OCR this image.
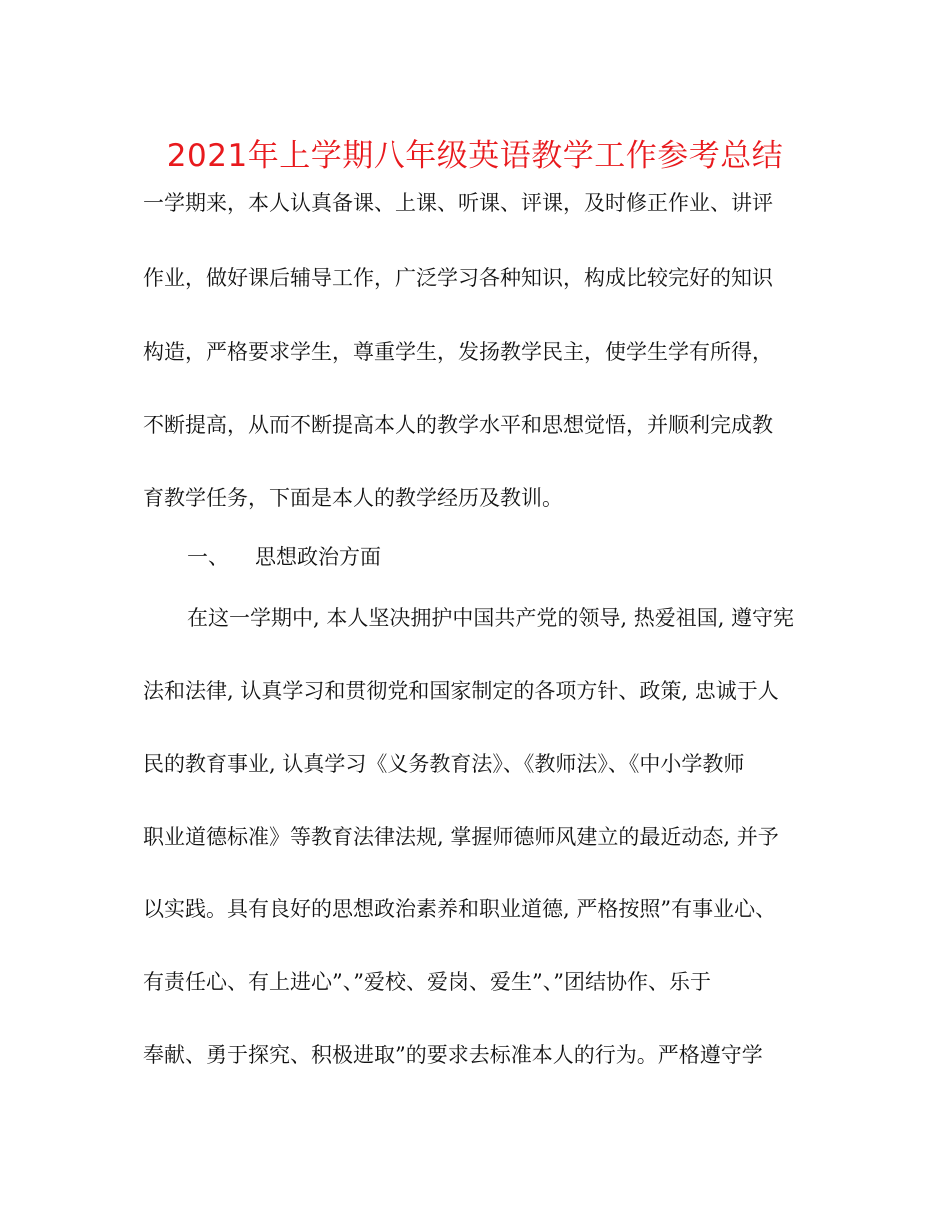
2021年上学期八年级英语教学工作参考总结
一学期来，本人认真备课、上课、听课、评课，及时修正作业、讲评
作业，做好课后辅导工作，广泛学习各种知识，构成比较完好的知识
构造，严格要求学生，尊重学生，发扬教学民主，使学生学有所得，
不断提高，从而不断提高本人的教学水平和思想觉悟，并顺利完成教
育教学任务，下面是本人的教学经历及教训。
一、 思想政治方面
在这一学期中, 本人坚决拥护中国共产党的领导, 热爱祖国, 遵守宪
法和法律, 认真学习和贯彻党和国家制定的各项方针、政策, 忠诚于人
民的教育事业, 认真学习《义务教育法》、《教师法》、《中小学教师
职业道德标准》等教育法律法规, 掌握师德师风建立的最近动态, 并予
以实践。具有良好的思想政治素养和职业道德, 严格按照”有事业心、
有责任心、有上进心”、”爱校、爱岗、爱生”、”团结协作、乐于
奉献、勇于探究、积极进取”的要求去标准本人的行为。严格遵守学
